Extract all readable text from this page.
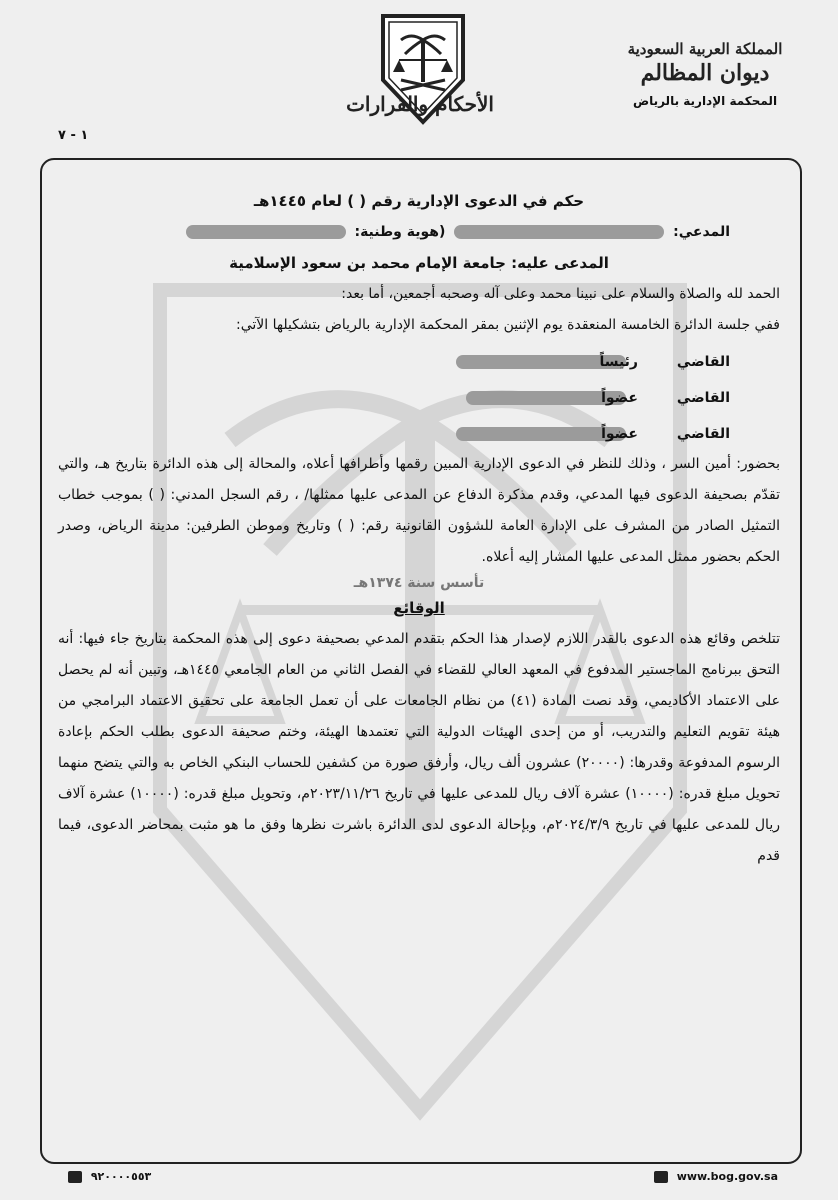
المملكة العربية السعودية
ديوان المظالم
المحكمة الإدارية بالرياض
الأحكام والقرارات
١ - ٧
حكم في الدعوى الإدارية رقم ( ) لعام ١٤٤٥هـ
المدعي:  (هوية وطنية:
المدعى عليه: جامعة الإمام محمد بن سعود الإسلامية
الحمد لله والصلاة والسلام على نبينا محمد وعلى آله وصحبه أجمعين، أما بعد:
ففي جلسة الدائرة الخامسة المنعقدة يوم الإثنين بمقر المحكمة الإدارية بالرياض بتشكيلها الآتي:
القاضي
رئيساً
القاضي
عضواً
القاضي
عضواً
بحضور: أمين السر ، وذلك للنظر في الدعوى الإدارية المبين رقمها وأطرافها أعلاه، والمحالة إلى هذه الدائرة بتاريخ هـ، والتي تقدّم بصحيفة الدعوى فيها المدعي، وقدم مذكرة الدفاع عن المدعى عليها ممثلها/ ، رقم السجل المدني: ( ) بموجب خطاب التمثيل الصادر من المشرف على الإدارة العامة للشؤون القانونية رقم: ( ) وتاريخ وموطن الطرفين: مدينة الرياض، وصدر الحكم بحضور ممثل المدعى عليها المشار إليه أعلاه.
تأسس سنة ١٣٧٤هـ
الوقائع
تتلخص وقائع هذه الدعوى بالقدر اللازم لإصدار هذا الحكم بتقدم المدعي بصحيفة دعوى إلى هذه المحكمة بتاريخ جاء فيها: أنه التحق ببرنامج الماجستير المدفوع في المعهد العالي للقضاء في الفصل الثاني من العام الجامعي ١٤٤٥هـ، وتبين أنه لم يحصل على الاعتماد الأكاديمي، وقد نصت المادة (٤١) من نظام الجامعات على أن تعمل الجامعة على تحقيق الاعتماد البرامجي من هيئة تقويم التعليم والتدريب، أو من إحدى الهيئات الدولية التي تعتمدها الهيئة، وختم صحيفة الدعوى بطلب الحكم بإعادة الرسوم المدفوعة وقدرها: (٢٠٠٠٠) عشرون ألف ريال، وأرفق صورة من كشفين للحساب البنكي الخاص به والتي يتضح منهما تحويل مبلغ قدره: (١٠٠٠٠) عشرة آلاف ريال للمدعى عليها في تاريخ ٢٠٢٣/١١/٢٦م، وتحويل مبلغ قدره: (١٠٠٠٠) عشرة آلاف ريال للمدعى عليها في تاريخ ٢٠٢٤/٣/٩م، وبإحالة الدعوى لدى الدائرة باشرت نظرها وفق ما هو مثبت بمحاضر الدعوى، فيما قدم
٩٢٠٠٠٠٥٥٣	www.bog.gov.sa
